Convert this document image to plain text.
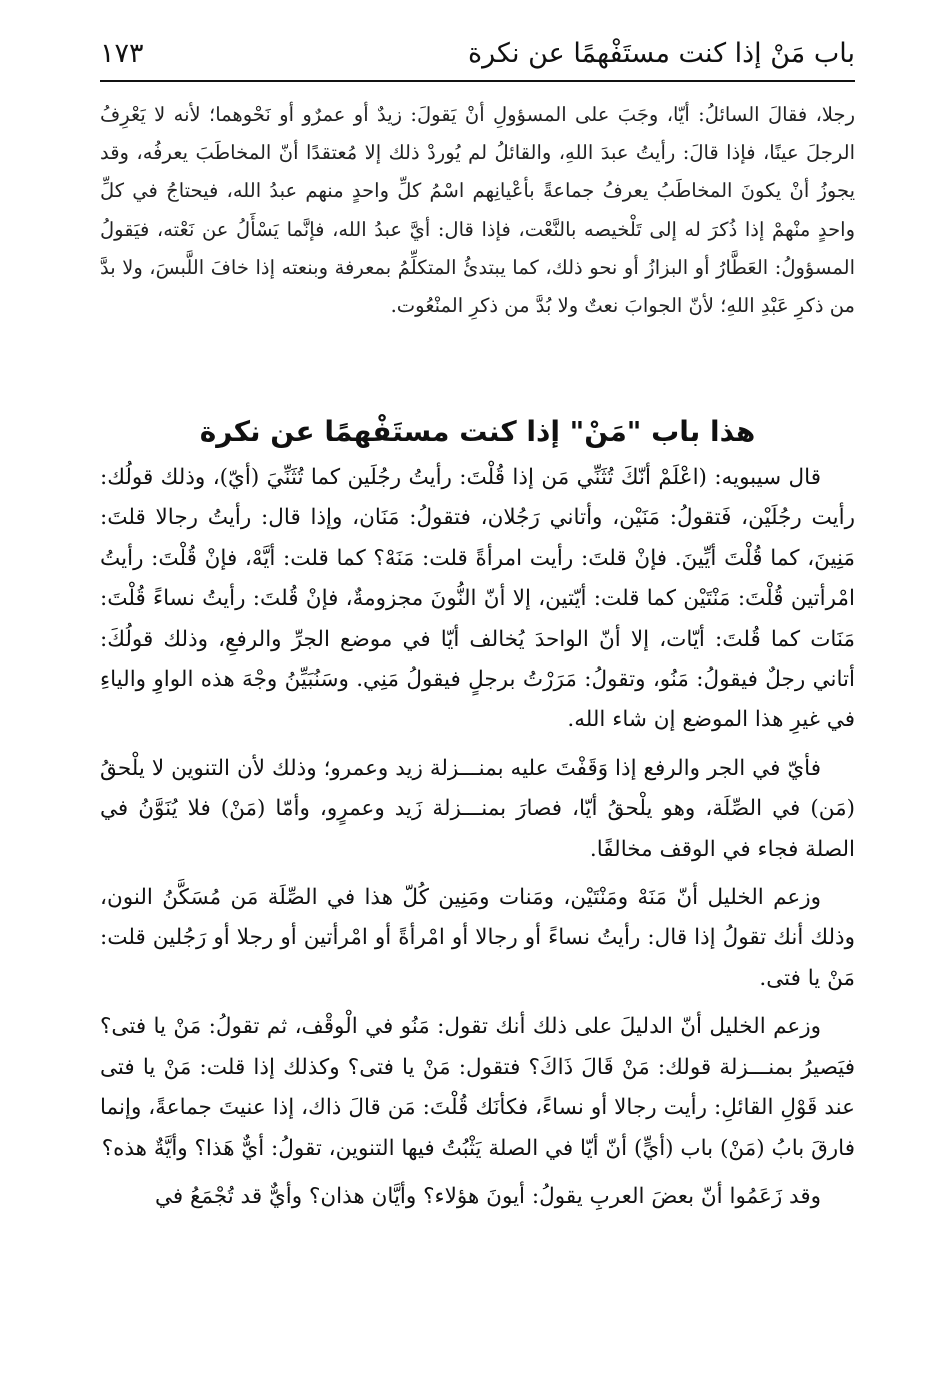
باب مَنْ إذا كنت مستَفْهمًا عن نكرة
١٧٣
رجلا، فقالَ السائلُ: أيّا، وجَبَ على المسؤولِ أنْ يَقولَ: زيدٌ أو عمرٌو أو نَحْوهما؛ لأنه لا يَعْرِفُ الرجلَ عينًا، فإذا قالَ: رأيتُ عبدَ اللهِ، والقائلُ لم يُوردْ ذلك إلا مُعتقدًا أنّ المخاطَبَ يعرفُه، وقد يجوزُ أنْ يكونَ المخاطَبُ يعرفُ جماعةً بأعْيانِهم اسْمُ كلِّ واحدٍ منهم عبدُ الله، فيحتاجُ في كلِّ واحدٍ منْهمْ إذا ذُكرَ له إلى تَلْخيصه بالنَّعْت، فإذا قال: أيَّ عبدُ الله، فإنَّما يَسْأَلُ عن نَعْته، فيَقولُ المسؤولُ: العَطَّارُ أو البزازُ أو نحو ذلك، كما يبتدئُ المتكلِّمُ بمعرفة وبنعته إذا خافَ اللَّبسَ، ولا بدَّ من ذكرِ عَبْدِ اللهِ؛ لأنّ الجوابَ نعتٌ ولا بُدَّ من ذكرِ المنْعُوت.
هذا باب "مَنْ" إذا كنت مستَفْهمًا عن نكرة

قال سيبويه: (اعْلَمْ أنّكَ تُثَنِّي مَن إذا قُلْتَ: رأيتُ رجُلَين كما تُثَنِّيَ (أيّ)، وذلك قولُك: رأيت رجُلَيْن، فَتقولُ: مَنَيْن، وأتاني رَجُلان، فتقولُ: مَنَان، وإذا قال: رأيتُ رجالا قلتَ: مَنِينَ، كما قُلْتَ أيِّينَ. فإنْ قلتَ: رأيت امرأةً قلت: مَنَهْ؟ كما قلت: أيَّهْ، فإنْ قُلْتَ: رأيتُ امْرأتين قُلْتَ: مَنْتَيْن كما قلت: أيّتين، إلا أنّ النُّونَ مجزومةٌ، فإنْ قُلتَ: رأيتُ نساءً قُلْتَ: مَنَات كما قُلتَ: أيّات، إلا أنّ الواحدَ يُخالف أيّا في موضع الجرِّ والرفعِ، وذلك قولُكَ: أتاني رجلٌ فيقولُ: مَنُو، وتقولُ: مَرَرْتُ برجلٍ فيقولُ مَنِي. وسَنُبَيِّنُ وجْهَ هذه الواوِ والياءِ في غيرِ هذا الموضع إن شاء الله.

فأيّ في الجر والرفع إذا وَقَفْتَ عليه بمنـــزلة زيد وعمرو؛ وذلك لأن التنوين لا يلْحقُ (مَن) في الصِّلَة، وهو يلْحقُ أيّا، فصارَ بمنـــزلة زَيد وعمرٍو، وأمّا (مَنْ) فلا يُنَوَّنُ في الصلة فجاء في الوقف مخالفًا.

وزعم الخليل أنّ مَنَهْ ومَنْتَيْن، ومَنات ومَنِين كُلّ هذا في الصِّلَة مَن مُسَكَّنُ النون، وذلك أنك تقولُ إذا قال: رأيتُ نساءً أو رجالا أو امْرأةً أو امْرأتين أو رجلا أو رَجُلين قلت: مَنْ يا فتى.

وزعم الخليل أنّ الدليلَ على ذلك أنك تقول: مَنُو في الْوقْف، ثم تقولُ: مَنْ يا فتى؟ فيَصيرُ بمنـــزلة قولك: مَنْ قَالَ ذَاكَ؟ فتقول: مَنْ يا فتى؟ وكذلك إذا قلت: مَنْ يا فتى عند قَوْلِ القائلِ: رأيت رجالا أو نساءً، فكأنَك قُلْتَ: مَن قالَ ذاك، إذا عنيتَ جماعةً، وإنما فارقَ بابُ (مَنْ) باب (أيٍّ) أنّ أيّا في الصلة يَثْبُتُ فيها التنوين، تقولُ: أيٌّ هَذا؟ وأيَّةٌ هذه؟

وقد زَعَمُوا أنّ بعضَ العربِ يقولُ: أيونَ هؤلاء؟ وأيَّان هذان؟ وأيٌّ قد تُجْمَعُ في
